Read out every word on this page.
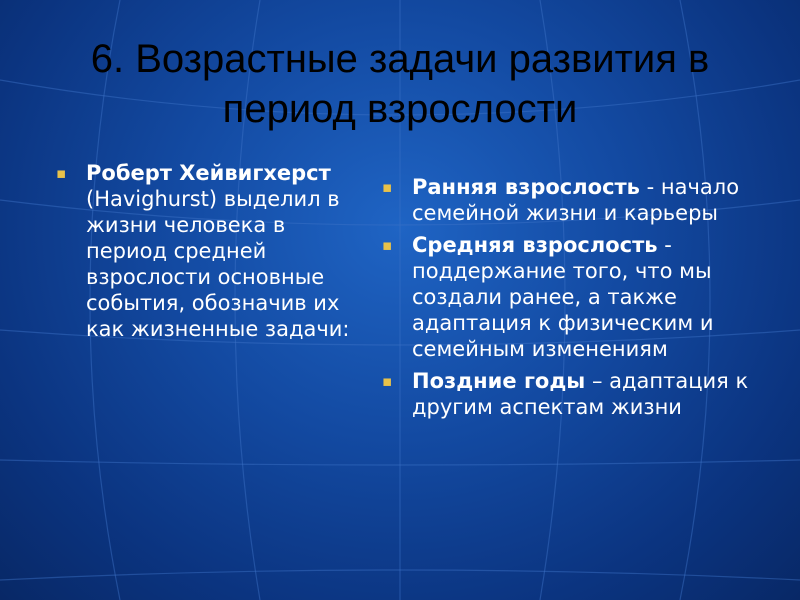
6. Возрастные задачи развития в
период взрослости
▪ Роберт Хейвигхерст (Havighurst) выделил в жизни человека в период средней взрослости основные события, обозначив их как жизненные задачи:
▪ Ранняя взрослость - начало семейной жизни и карьеры
▪ Средняя взрослость - поддержание того, что мы создали ранее, а также адаптация к физическим и семейным изменениям
▪ Поздние годы – адаптация к другим аспектам жизни
